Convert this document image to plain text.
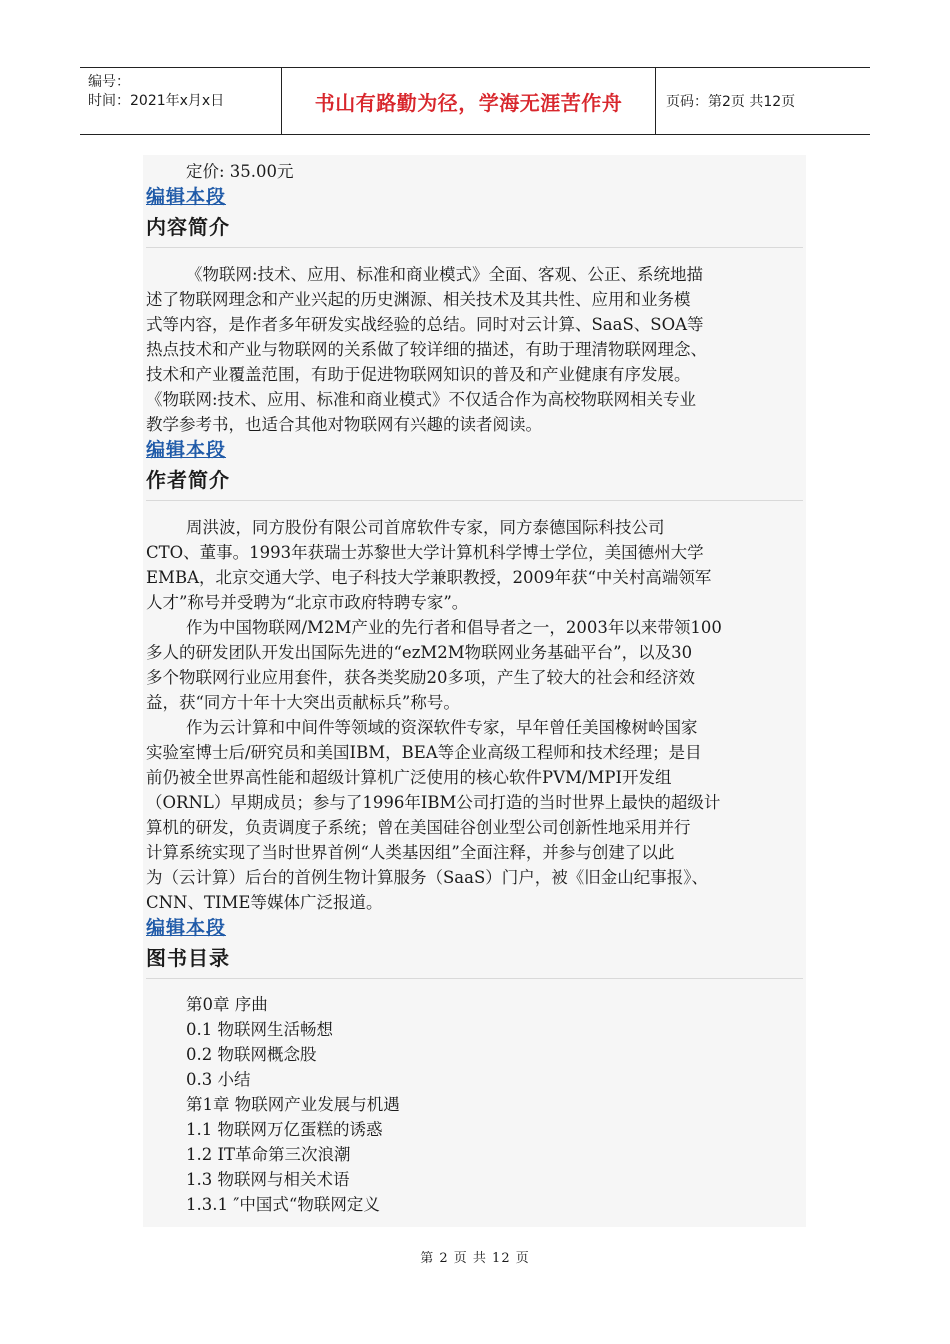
编号：
时间：2021年x月x日	书山有路勤为径，学海无涯苦作舟	页码：第2页 共12页
定价: 35.00元
编辑本段
内容简介
《物联网:技术、应用、标准和商业模式》全面、客观、公正、系统地描
述了物联网理念和产业兴起的历史渊源、相关技术及其共性、应用和业务模
式等内容，是作者多年研发实战经验的总结。同时对云计算、SaaS、SOA等
热点技术和产业与物联网的关系做了较详细的描述，有助于理清物联网理念、
技术和产业覆盖范围，有助于促进物联网知识的普及和产业健康有序发展。
《物联网:技术、应用、标准和商业模式》不仅适合作为高校物联网相关专业
教学参考书，也适合其他对物联网有兴趣的读者阅读。
编辑本段
作者简介
周洪波，同方股份有限公司首席软件专家，同方泰德国际科技公司
CTO、董事。1993年获瑞士苏黎世大学计算机科学博士学位，美国德州大学
EMBA，北京交通大学、电子科技大学兼职教授，2009年获“中关村高端领军
人才”称号并受聘为“北京市政府特聘专家”。
作为中国物联网/M2M产业的先行者和倡导者之一，2003年以来带领100
多人的研发团队开发出国际先进的“ezM2M物联网业务基础平台”，以及30
多个物联网行业应用套件，获各类奖励20多项，产生了较大的社会和经济效
益，获“同方十年十大突出贡献标兵”称号。
作为云计算和中间件等领域的资深软件专家，早年曾任美国橡树岭国家
实验室博士后/研究员和美国IBM，BEA等企业高级工程师和技术经理；是目
前仍被全世界高性能和超级计算机广泛使用的核心软件PVM/MPI开发组
（ORNL）早期成员；参与了1996年IBM公司打造的当时世界上最快的超级计
算机的研发，负责调度子系统；曾在美国硅谷创业型公司创新性地采用并行
计算系统实现了当时世界首例“人类基因组”全面注释，并参与创建了以此
为（云计算）后台的首例生物计算服务（SaaS）门户，被《旧金山纪事报》、
CNN、TIME等媒体广泛报道。
编辑本段
图书目录
第0章 序曲
0.1 物联网生活畅想
0.2 物联网概念股
0.3 小结
第1章 物联网产业发展与机遇
1.1 物联网万亿蛋糕的诱惑
1.2 IT革命第三次浪潮
1.3 物联网与相关术语
1.3.1 ″中国式“物联网定义
第 2 页 共 12 页
